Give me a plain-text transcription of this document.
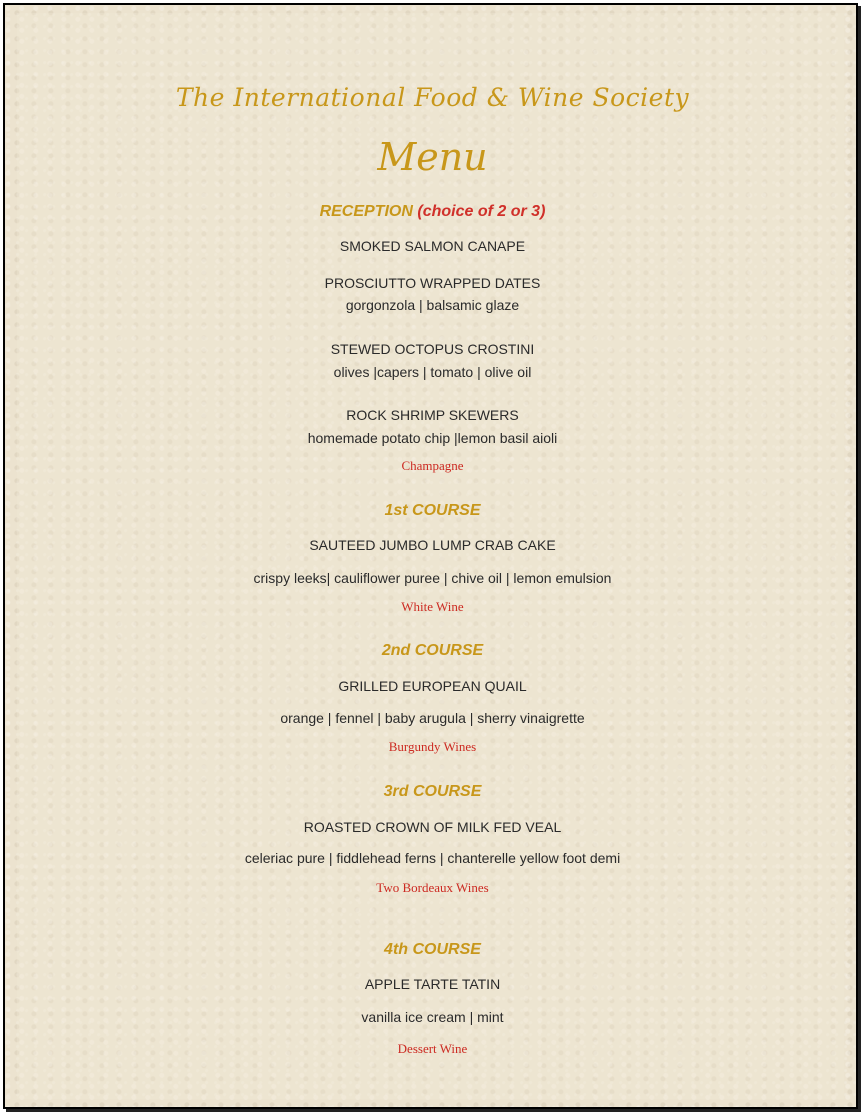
The International Food & Wine Society
Menu
RECEPTION (choice of 2 or 3)
SMOKED SALMON CANAPE
PROSCIUTTO WRAPPED DATES
gorgonzola | balsamic glaze
STEWED OCTOPUS CROSTINI
olives |capers | tomato | olive oil
ROCK SHRIMP SKEWERS
homemade potato chip |lemon basil aioli
Champagne
1st COURSE
SAUTEED JUMBO LUMP CRAB CAKE
crispy leeks| cauliflower puree | chive oil | lemon emulsion
White Wine
2nd COURSE
GRILLED EUROPEAN QUAIL
orange | fennel | baby arugula | sherry vinaigrette
Burgundy Wines
3rd COURSE
ROASTED CROWN OF MILK FED VEAL
celeriac pure | fiddlehead ferns | chanterelle yellow foot demi
Two Bordeaux Wines
4th COURSE
APPLE TARTE TATIN
vanilla ice cream | mint
Dessert Wine
